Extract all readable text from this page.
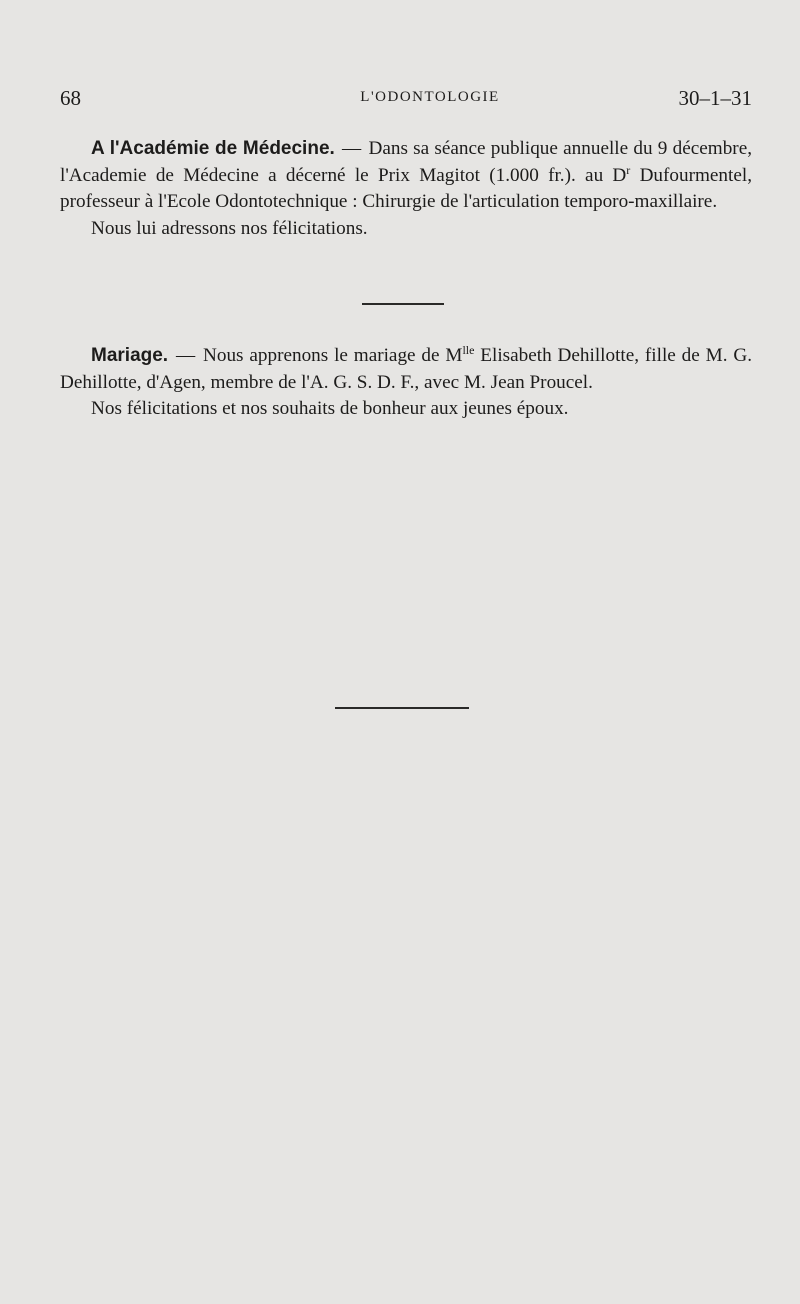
68	L'ODONTOLOGIE	30–1–31

A l'Académie de Médecine. — Dans sa séance publique annuelle du 9 décembre, l'Academie de Médecine a décerné le Prix Magitot (1.000 fr.). au $D^r$ Dufourmentel, professeur à l'Ecole Odontotechnique : Chirurgie de l'articulation temporo-maxillaire.

Nous lui adressons nos félicitations.

Mariage. — Nous apprenons le mariage de $M^{lle}$ Elisabeth Dehillotte, fille de M. G. Dehillotte, d'Agen, membre de l'A. G. S. D. F., avec M. Jean Proucel.

Nos félicitations et nos souhaits de bonheur aux jeunes époux.
